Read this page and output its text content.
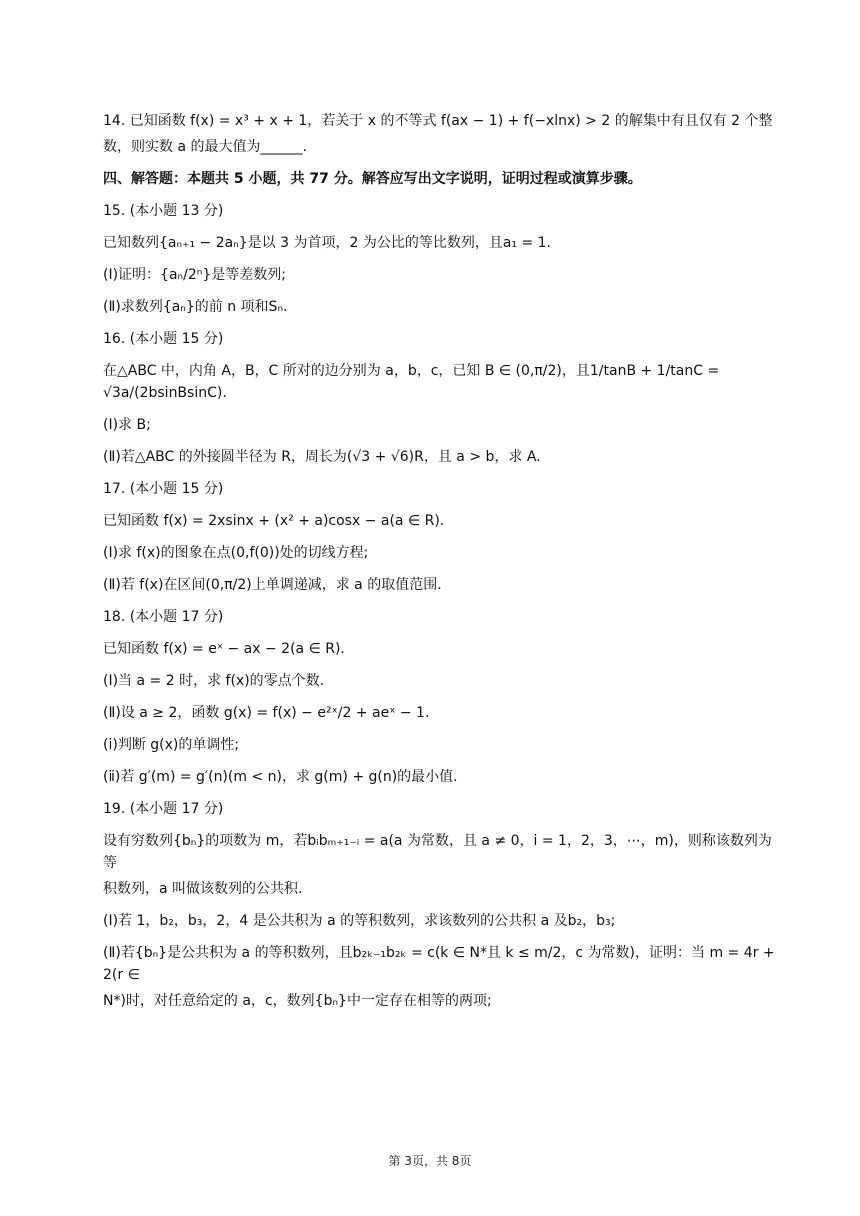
14. 已知函数 f(x) = x³ + x + 1，若关于 x 的不等式 f(ax − 1) + f(−xlnx) > 2 的解集中有且仅有 2 个整

数，则实数 a 的最大值为______.

四、解答题：本题共 5 小题，共 77 分。解答应写出文字说明，证明过程或演算步骤。

15. (本小题 13 分)

已知数列{aₙ₊₁ − 2aₙ}是以 3 为首项，2 为公比的等比数列，且a₁ = 1.

(Ⅰ)证明：{aₙ/2ⁿ}是等差数列;

(Ⅱ)求数列{aₙ}的前 n 项和Sₙ.

16. (本小题 15 分)

在△ABC 中，内角 A，B，C 所对的边分别为 a，b，c，已知 B ∈ (0,π/2)，且1/tanB + 1/tanC = √3a/(2bsinBsinC).

(Ⅰ)求 B;

(Ⅱ)若△ABC 的外接圆半径为 R，周长为(√3 + √6)R，且 a > b，求 A.

17. (本小题 15 分)

已知函数 f(x) = 2xsinx + (x² + a)cosx − a(a ∈ R).

(Ⅰ)求 f(x)的图象在点(0,f(0))处的切线方程;

(Ⅱ)若 f(x)在区间(0,π/2)上单调递减，求 a 的取值范围.

18. (本小题 17 分)

已知函数 f(x) = eˣ − ax − 2(a ∈ R).

(Ⅰ)当 a = 2 时，求 f(x)的零点个数.

(Ⅱ)设 a ≥ 2，函数 g(x) = f(x) − e²ˣ/2 + aeˣ − 1.

(ⅰ)判断 g(x)的单调性;

(ⅱ)若 g′(m) = g′(n)(m < n)，求 g(m) + g(n)的最小值.

19. (本小题 17 分)

设有穷数列{bₙ}的项数为 m，若bᵢbₘ₊₁₋ᵢ = a(a 为常数，且 a ≠ 0，i = 1，2，3，⋯，m)，则称该数列为等

积数列，a 叫做该数列的公共积.

(Ⅰ)若 1，b₂，b₃，2，4 是公共积为 a 的等积数列，求该数列的公共积 a 及b₂，b₃;

(Ⅱ)若{bₙ}是公共积为 a 的等积数列，且b₂ₖ₋₁b₂ₖ = c(k ∈ N*且 k ≤ m/2，c 为常数)，证明：当 m = 4r + 2(r ∈

N*)时，对任意给定的 a，c，数列{bₙ}中一定存在相等的两项;

第 3页，共 8页
